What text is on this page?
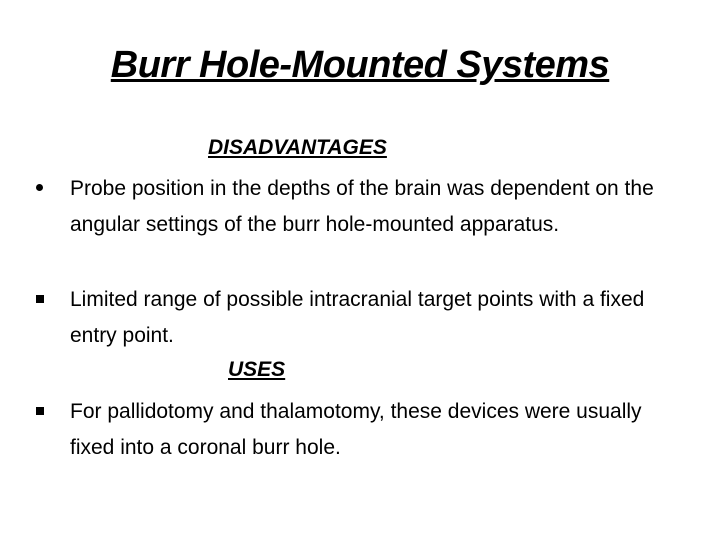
Burr Hole-Mounted Systems
DISADVANTAGES
Probe position in the depths of the brain was dependent on the angular settings of the burr hole-mounted apparatus.
Limited range of possible intracranial target points with a fixed entry point.
USES
For pallidotomy and thalamotomy, these devices were usually fixed into a coronal burr hole.
